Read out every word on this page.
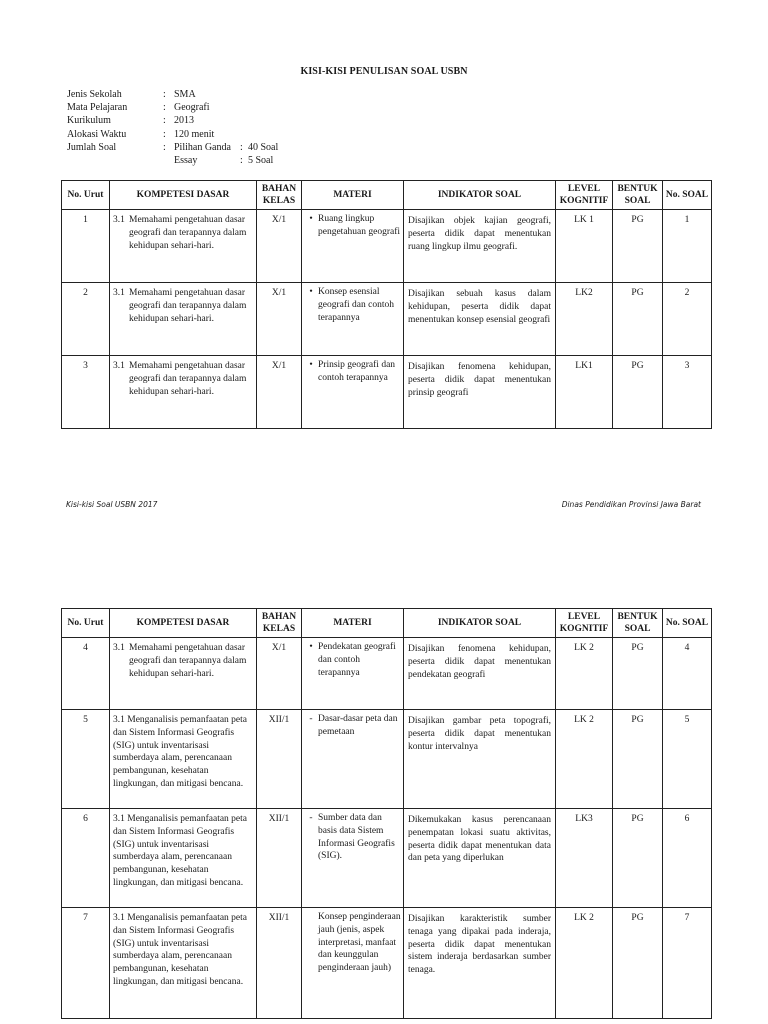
KISI-KISI PENULISAN SOAL USBN
Jenis Sekolah	: SMA
Mata Pelajaran	: Geografi
Kurikulum	: 2013
Alokasi Waktu	: 120 menit
Jumlah Soal	: Pilihan Ganda : 40 Soal
Essay	: 5 Soal
No. Urut	KOMPETESI DASAR	BAHAN KELAS	MATERI	INDIKATOR SOAL	LEVEL KOGNITIF	BENTUK SOAL	No. SOAL
1	3.1 Memahami pengetahuan dasar geografi dan terapannya dalam kehidupan sehari-hari.	X/1	• Ruang lingkup pengetahuan geografi	Disajikan objek kajian geografi, peserta didik dapat menentukan ruang lingkup ilmu geografi.	LK 1	PG	1
2	3.1 Memahami pengetahuan dasar geografi dan terapannya dalam kehidupan sehari-hari.	X/1	• Konsep esensial geografi dan contoh terapannya	Disajikan sebuah kasus dalam kehidupan, peserta didik dapat menentukan konsep esensial geografi	LK2	PG	2
3	3.1 Memahami pengetahuan dasar geografi dan terapannya dalam kehidupan sehari-hari.	X/1	• Prinsip geografi dan contoh terapannya	Disajikan fenomena kehidupan, peserta didik dapat menentukan prinsip geografi	LK1	PG	3
Kisi-kisi Soal USBN 2017	Dinas Pendidikan Provinsi Jawa Barat
No. Urut	KOMPETESI DASAR	BAHAN KELAS	MATERI	INDIKATOR SOAL	LEVEL KOGNITIF	BENTUK SOAL	No. SOAL
4	3.1 Memahami pengetahuan dasar geografi dan terapannya dalam kehidupan sehari-hari.	X/1	• Pendekatan geografi dan contoh terapannya	Disajikan fenomena kehidupan, peserta didik dapat menentukan pendekatan geografi	LK 2	PG	4
5	3.1 Menganalisis pemanfaatan peta dan Sistem Informasi Geografis (SIG) untuk inventarisasi sumberdaya alam, perencanaan pembangunan, kesehatan lingkungan, dan mitigasi bencana.	XII/1	- Dasar-dasar peta dan pemetaan	Disajikan gambar peta topografi, peserta didik dapat menentukan kontur intervalnya	LK 2	PG	5
6	3.1 Menganalisis pemanfaatan peta dan Sistem Informasi Geografis (SIG) untuk inventarisasi sumberdaya alam, perencanaan pembangunan, kesehatan lingkungan, dan mitigasi bencana.	XII/1	- Sumber data dan basis data Sistem Informasi Geografis (SIG).	Dikemukakan kasus perencanaan penempatan lokasi suatu aktivitas, peserta didik dapat menentukan data dan peta yang diperlukan	LK3	PG	6
7	3.1 Menganalisis pemanfaatan peta dan Sistem Informasi Geografis (SIG) untuk inventarisasi sumberdaya alam, perencanaan pembangunan, kesehatan lingkungan, dan mitigasi bencana.	XII/1	Konsep penginderaan jauh (jenis, aspek interpretasi, manfaat dan keunggulan penginderaan jauh)	Disajikan karakteristik sumber tenaga yang dipakai pada inderaja, peserta didik dapat menentukan sistem inderaja berdasarkan sumber tenaga.	LK 2	PG	7
